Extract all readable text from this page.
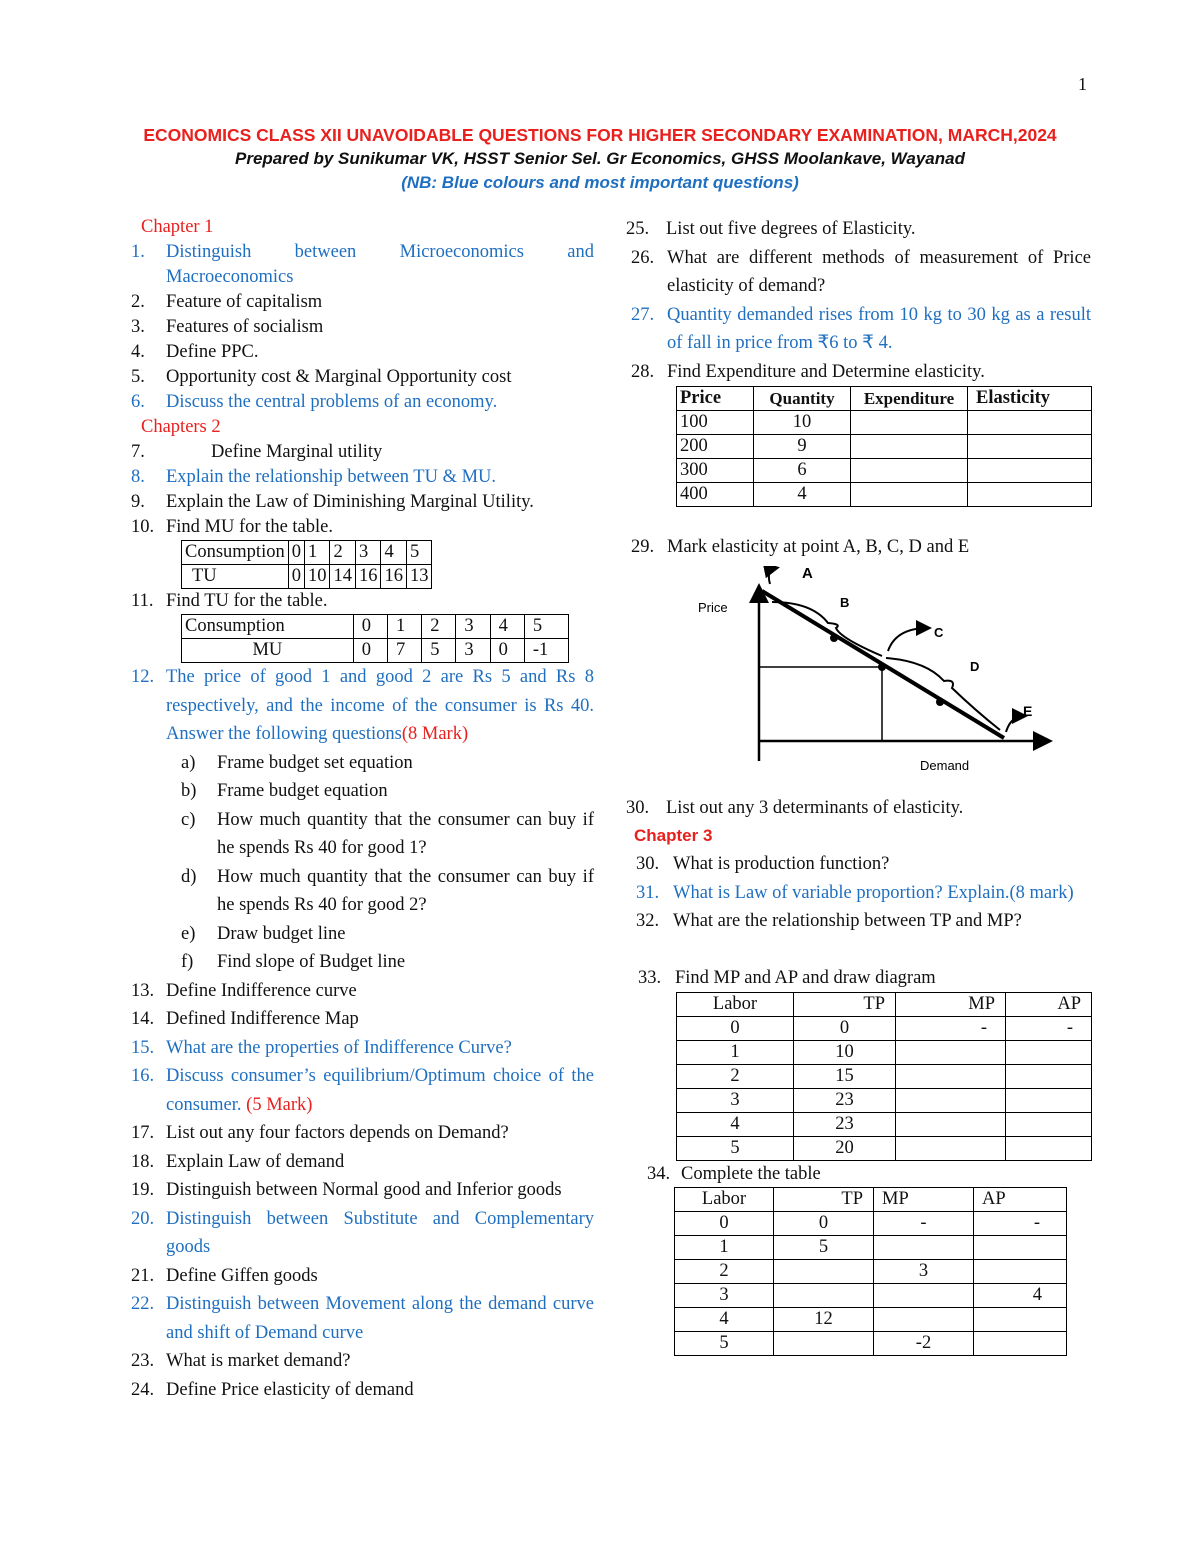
1
ECONOMICS CLASS XII UNAVOIDABLE QUESTIONS FOR HIGHER SECONDARY EXAMINATION, MARCH,2024
Prepared by Sunikumar VK, HSST Senior Sel. Gr Economics, GHSS Moolankave, Wayanad
(NB: Blue colours and most important questions)
Chapter 1
1. Distinguish between Microeconomics and Macroeconomics
2. Feature of capitalism
3. Features of socialism
4. Define PPC.
5. Opportunity cost & Marginal Opportunity cost
6. Discuss the central problems of an economy.
Chapters 2
7.	Define Marginal utility
8. Explain the relationship between TU & MU.
9. Explain the Law of Diminishing Marginal Utility.
10. Find MU for the table.
Consumption	0	1	2	3	4	5
TU	0	10	14	16	16	13
11. Find TU for the table.
Consumption	0	1	2	3	4	5
MU	0	7	5	3	0	-1
12. The price of good 1 and good 2 are Rs 5 and Rs 8 respectively, and the income of the consumer is Rs 40. Answer the following questions(8 Mark)
a) Frame budget set equation
b) Frame budget equation
c) How much quantity that the consumer can buy if he spends Rs 40 for good 1?
d) How much quantity that the consumer can buy if he spends Rs 40 for good 2?
e) Draw budget line
f) Find slope of Budget line
13. Define Indifference curve
14. Defined Indifference Map
15. What are the properties of Indifference Curve?
16. Discuss consumer’s equilibrium/Optimum choice of the consumer. (5 Mark)
17. List out any four factors depends on Demand?
18. Explain Law of demand
19. Distinguish between Normal good and Inferior goods
20. Distinguish between Substitute and Complementary goods
21. Define Giffen goods
22. Distinguish between Movement along the demand curve and shift of Demand curve
23. What is market demand?
24. Define Price elasticity of demand
25. List out five degrees of Elasticity.
26. What are different methods of measurement of Price elasticity of demand?
27. Quantity demanded rises from 10 kg to 30 kg as a result of fall in price from ₹6 to ₹ 4.
28. Find Expenditure and Determine elasticity.
Price	Quantity	Expenditure	Elasticity
100	10		
200	9		
300	6		
400	4		
29. Mark elasticity at point A, B, C, D and E
Price
Demand
A
B
C
D
E
30. List out any 3 determinants of elasticity.
Chapter 3
30. What is production function?
31. What is Law of variable proportion? Explain.(8 mark)
32. What are the relationship between TP and MP?
33. Find MP and AP and draw diagram
Labor	TP	MP	AP
0	0	-	-
1	10		
2	15		
3	23		
4	23		
5	20		
34. Complete the table
Labor	TP	MP	AP
0	0	-	-
1	5		
2		3	
3			4
4	12		
5		-2	
